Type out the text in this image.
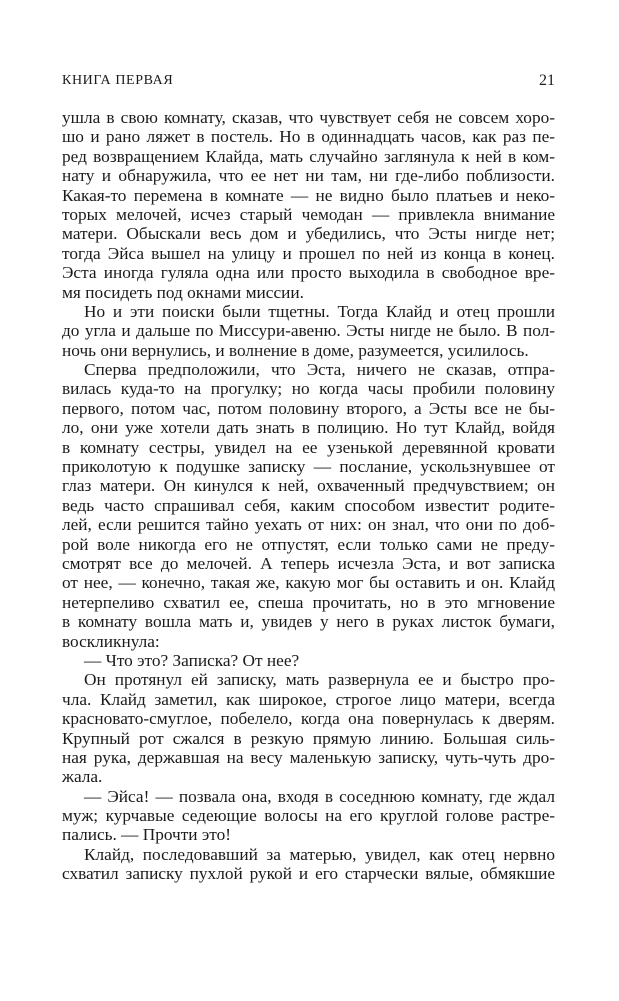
КНИГА ПЕРВАЯ	21
ушла в свою комнату, сказав, что чувствует себя не совсем хоро-
шо и рано ляжет в постель. Но в одиннадцать часов, как раз пе-
ред возвращением Клайда, мать случайно заглянула к ней в ком-
нату и обнаружила, что ее нет ни там, ни где-либо поблизости.
Какая-то перемена в комнате — не видно было платьев и неко-
торых мелочей, исчез старый чемодан — привлекла внимание
матери. Обыскали весь дом и убедились, что Эсты нигде нет;
тогда Эйса вышел на улицу и прошел по ней из конца в конец.
Эста иногда гуляла одна или просто выходила в свободное вре-
мя посидеть под окнами миссии.
Но и эти поиски были тщетны. Тогда Клайд и отец прошли
до угла и дальше по Миссури-авеню. Эсты нигде не было. В пол-
ночь они вернулись, и волнение в доме, разумеется, усилилось.
Сперва предположили, что Эста, ничего не сказав, отпра-
вилась куда-то на прогулку; но когда часы пробили половину
первого, потом час, потом половину второго, а Эсты все не бы-
ло, они уже хотели дать знать в полицию. Но тут Клайд, войдя
в комнату сестры, увидел на ее узенькой деревянной кровати
приколотую к подушке записку — послание, ускользнувшее от
глаз матери. Он кинулся к ней, охваченный предчувствием; он
ведь часто спрашивал себя, каким способом известит родите-
лей, если решится тайно уехать от них: он знал, что они по доб-
рой воле никогда его не отпустят, если только сами не преду-
смотрят все до мелочей. А теперь исчезла Эста, и вот записка
от нее, — конечно, такая же, какую мог бы оставить и он. Клайд
нетерпеливо схватил ее, спеша прочитать, но в это мгновение
в комнату вошла мать и, увидев у него в руках листок бумаги,
воскликнула:
— Что это? Записка? От нее?
Он протянул ей записку, мать развернула ее и быстро про-
чла. Клайд заметил, как широкое, строгое лицо матери, всегда
красновато-смуглое, побелело, когда она повернулась к дверям.
Крупный рот сжался в резкую прямую линию. Большая силь-
ная рука, державшая на весу маленькую записку, чуть-чуть дро-
жала.
— Эйса! — позвала она, входя в соседнюю комнату, где ждал
муж; курчавые седеющие волосы на его круглой голове растре-
пались. — Прочти это!
Клайд, последовавший за матерью, увидел, как отец нервно
схватил записку пухлой рукой и его старчески вялые, обмякшие
